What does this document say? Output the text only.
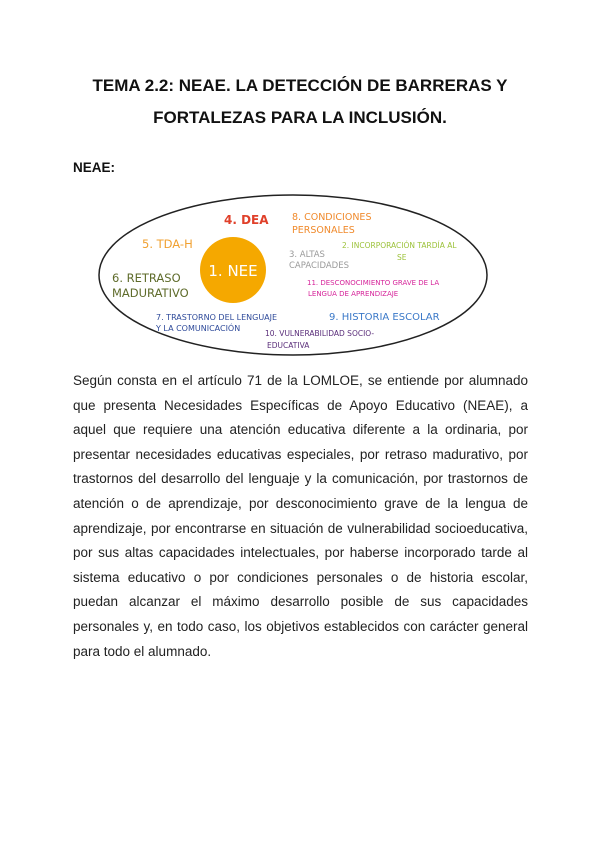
TEMA 2.2: NEAE. LA DETECCIÓN DE BARRERAS Y
FORTALEZAS PARA LA INCLUSIÓN.
NEAE:
1. NEE
4. DEA 8. CONDICIONES
PERSONALES
5. TDA-H
3. ALTAS
CAPACIDADES
2. INCORPORACIÓN TARDÍA AL
SE
6. RETRASO
MADURATIVO
11. DESCONOCIMIENTO GRAVE DE LA
LENGUA DE APRENDIZAJE
7. TRASTORNO DEL LENGUAJE
Y LA COMUNICACIÓN
9. HISTORIA ESCOLAR
10. VULNERABILIDAD SOCIO-
EDUCATIVA
Según consta en el artículo 71 de la LOMLOE, se entiende por alumnado que presenta Necesidades Específicas de Apoyo Educativo (NEAE), a aquel que requiere una atención educativa diferente a la ordinaria, por presentar necesidades educativas especiales, por retraso madurativo, por trastornos del desarrollo del lenguaje y la comunicación, por trastornos de atención o de aprendizaje, por desconocimiento grave de la lengua de aprendizaje, por encontrarse en situación de vulnerabilidad socioeducativa, por sus altas capacidades intelectuales, por haberse incorporado tarde al sistema educativo o por condiciones personales o de historia escolar, puedan alcanzar el máximo desarrollo posible de sus capacidades personales y, en todo caso, los objetivos establecidos con carácter general para todo el alumnado.
